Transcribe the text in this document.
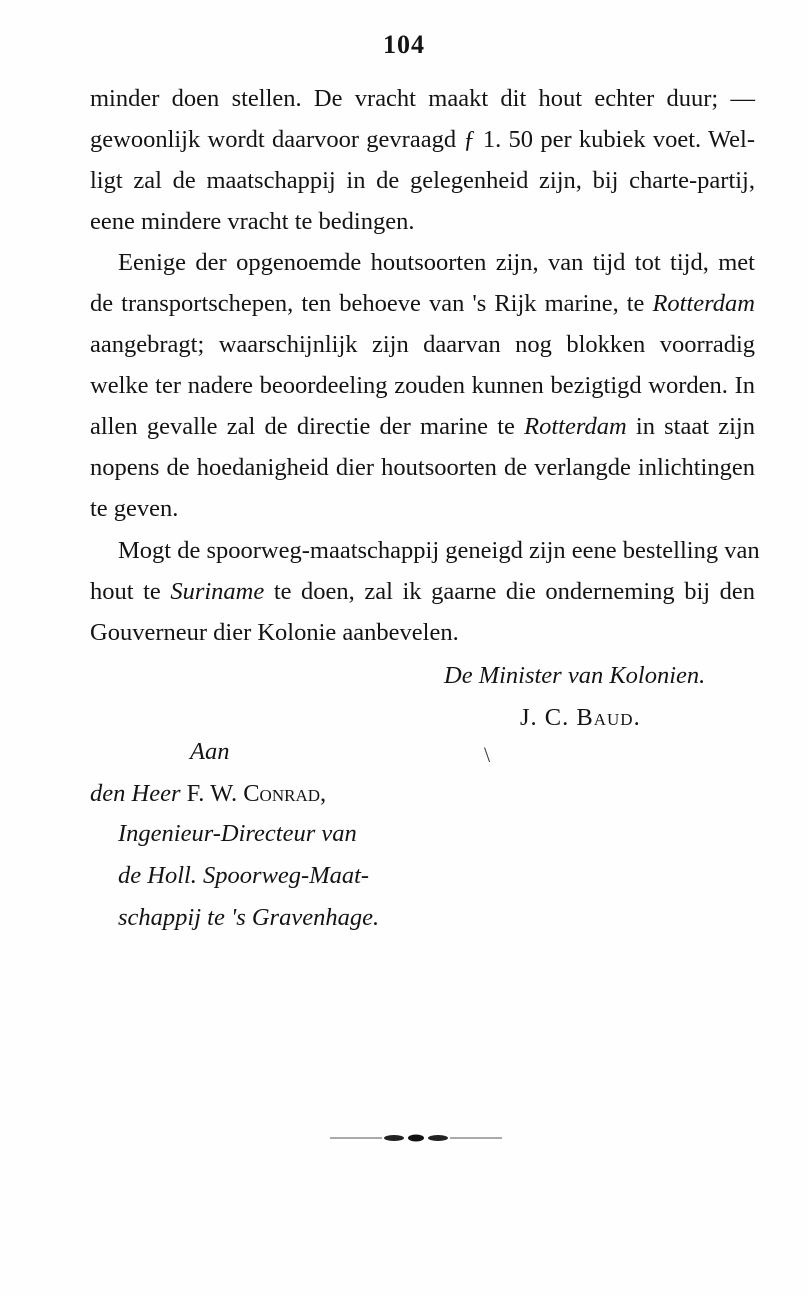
104
minder doen stellen. De vracht maakt dit hout echter duur; —
gewoonlijk wordt daarvoor gevraagd ƒ 1. 50 per kubiek voet. Wel-
ligt zal de maatschappij in de gelegenheid zijn, bij charte-partij,
eene mindere vracht te bedingen.
Eenige der opgenoemde houtsoorten zijn, van tijd tot tijd, met
de transportschepen, ten behoeve van 's Rijk marine, te Rotterdam
aangebragt; waarschijnlijk zijn daarvan nog blokken voorradig
welke ter nadere beoordeeling zouden kunnen bezigtigd worden. In
allen gevalle zal de directie der marine te Rotterdam in staat zijn
nopens de hoedanigheid dier houtsoorten de verlangde inlichtingen
te geven.
Mogt de spoorweg-maatschappij geneigd zijn eene bestelling van
hout te Suriname te doen, zal ik gaarne die onderneming bij den
Gouverneur dier Kolonie aanbevelen.
De Minister van Kolonien.
J. C. Baud.
\
Aan
den Heer F. W. Conrad,
Ingenieur-Directeur van
de Holl. Spoorweg-Maat-
schappij te 's Gravenhage.
